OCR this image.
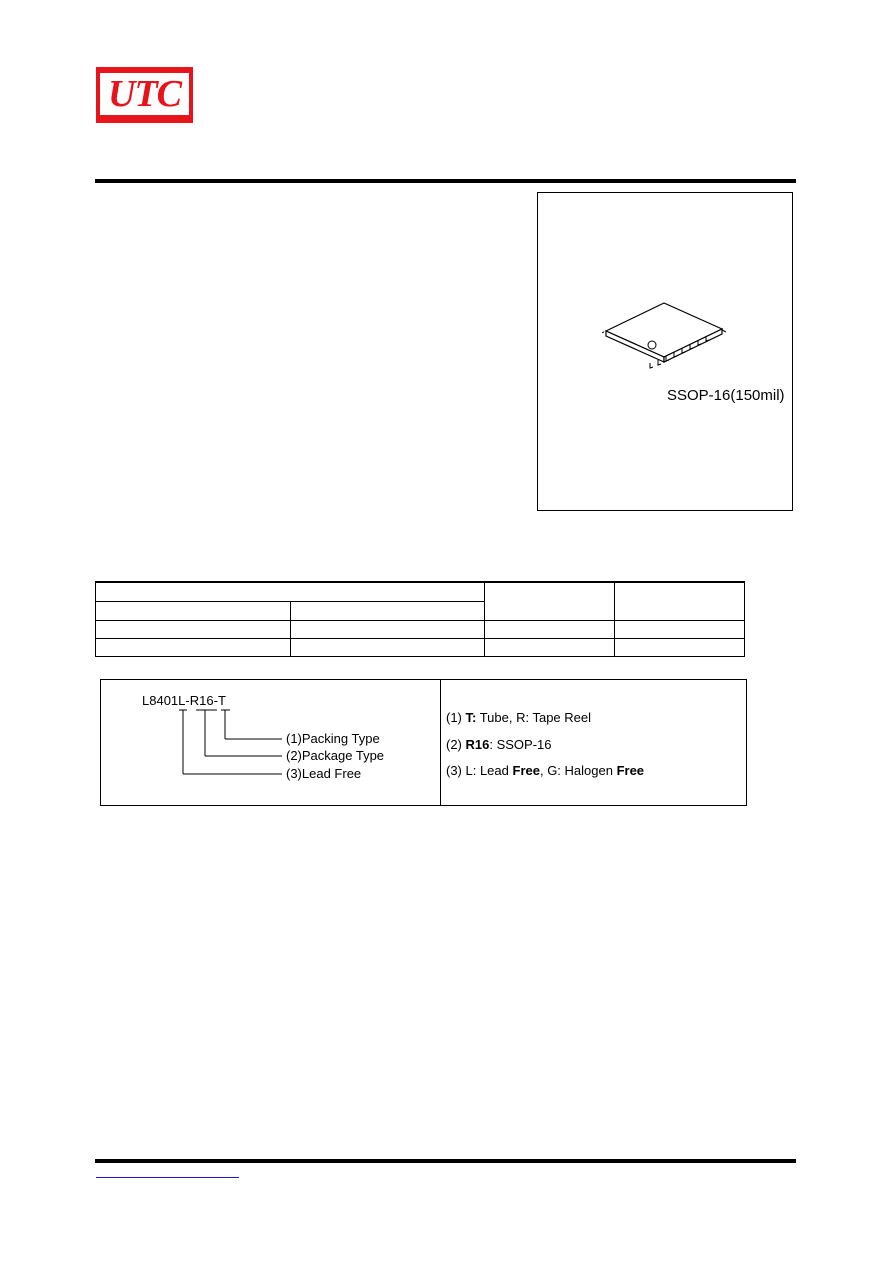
UTC
SSOP-16(150mil)

L8401L-R16-T
(1)Packing Type
(2)Package Type
(3)Lead Free
(1) T: Tube, R: Tape Reel
(2) R16: SSOP-16
(3) L: Lead Free, G: Halogen Free
